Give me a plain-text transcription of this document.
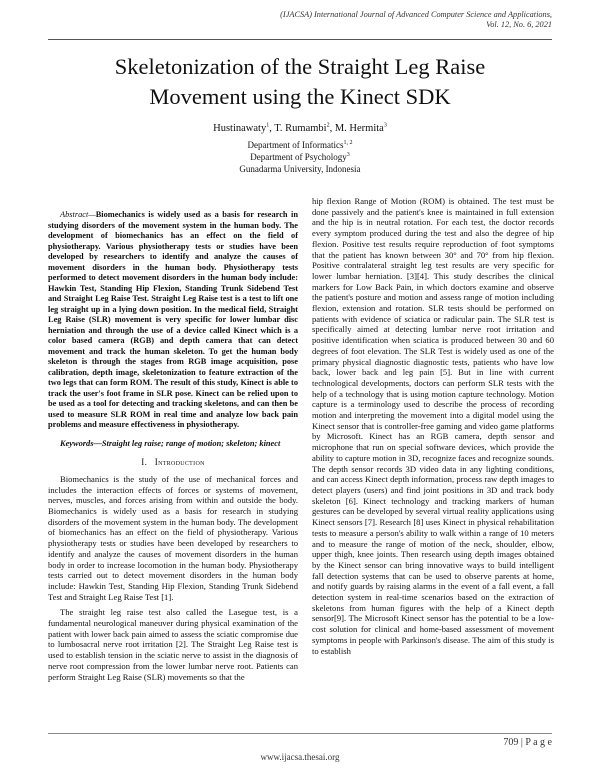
(IJACSA) International Journal of Advanced Computer Science and Applications,
Vol. 12, No. 6, 2021
Skeletonization of the Straight Leg Raise
Movement using the Kinect SDK
Hustinawaty$^1$, T. Rumambi$^2$, M. Hermita$^3$
Department of Informatics$^{1, 2}$
Department of Psychology$^3$
Gunadarma University, Indonesia

Abstract—Biomechanics is widely used as a basis for research in studying disorders of the movement system in the human body. The development of biomechanics has an effect on the field of physiotherapy. Various physiotherapy tests or studies have been developed by researchers to identify and analyze the causes of movement disorders in the human body. Physiotherapy tests performed to detect movement disorders in the human body include: Hawkin Test, Standing Hip Flexion, Standing Trunk Sidebend Test and Straight Leg Raise Test. Straight Leg Raise test is a test to lift one leg straight up in a lying down position. In the medical field, Straight Leg Raise (SLR) movement is very specific for lower lumbar disc herniation and through the use of a device called Kinect which is a color based camera (RGB) and depth camera that can detect movement and track the human skeleton. To get the human body skeleton is through the stages from RGB image acquisition, pose calibration, depth image, skeletonization to feature extraction of the two legs that can form ROM. The result of this study, Kinect is able to track the user's foot frame in SLR pose. Kinect can be relied upon to be used as a tool for detecting and tracking skeletons, and can then be used to measure SLR ROM in real time and analyze low back pain problems and measure effectiveness in physiotherapy.

Keywords—Straight leg raise; range of motion; skeleton; kinect

I. Introduction

Biomechanics is the study of the use of mechanical forces and includes the interaction effects of forces or systems of movement, nerves, muscles, and forces arising from within and outside the body. Biomechanics is widely used as a basis for research in studying disorders of the movement system in the human body. The development of biomechanics has an effect on the field of physiotherapy. Various physiotherapy tests or studies have been developed by researchers to identify and analyze the causes of movement disorders in the human body in order to increase locomotion in the human body. Physiotherapy tests carried out to detect movement disorders in the human body include: Hawkin Test, Standing Hip Flexion, Standing Trunk Sidebend Test and Straight Leg Raise Test [1].

The straight leg raise test also called the Lasegue test, is a fundamental neurological maneuver during physical examination of the patient with lower back pain aimed to assess the sciatic compromise due to lumbosacral nerve root irritation [2]. The Straight Leg Raise test is used to establish tension in the sciatic nerve to assist in the diagnosis of nerve root compression from the lower lumbar nerve root. Patients can perform Straight Leg Raise (SLR) movements so that the

hip flexion Range of Motion (ROM) is obtained. The test must be done passively and the patient's knee is maintained in full extension and the hip is in neutral rotation. For each test, the doctor records every symptom produced during the test and also the degree of hip flexion. Positive test results require reproduction of foot symptoms that the patient has known between 30° and 70° from hip flexion. Positive contralateral straight leg test results are very specific for lower lumbar herniation. [3][4]. This study describes the clinical markers for Low Back Pain, in which doctors examine and observe the patient's posture and motion and assess range of motion including flexion, extension and rotation. SLR tests should be performed on patients with evidence of sciatica or radicular pain. The SLR test is specifically aimed at detecting lumbar nerve root irritation and positive identification when sciatica is produced between 30 and 60 degrees of foot elevation. The SLR Test is widely used as one of the primary physical diagnostic diagnostic tests, patients who have low back, lower back and leg pain [5]. But in line with current technological developments, doctors can perform SLR tests with the help of a technology that is using motion capture technology. Motion capture is a terminology used to describe the process of recording motion and interpreting the movement into a digital model using the Kinect sensor that is controller-free gaming and video game platforms by Microsoft. Kinect has an RGB camera, depth sensor and microphone that run on special software devices, which provide the ability to capture motion in 3D, recognize faces and recognize sounds. The depth sensor records 3D video data in any lighting conditions, and can access Kinect depth information, process raw depth images to detect players (users) and find joint positions in 3D and track body skeleton [6]. Kinect technology and tracking markers of human gestures can be developed by several virtual reality applications using Kinect sensors [7]. Research [8] uses Kinect in physical rehabilitation tests to measure a person's ability to walk within a range of 10 meters and to measure the range of motion of the neck, shoulder, elbow, upper thigh, knee joints. Then research using depth images obtained by the Kinect sensor can bring innovative ways to build intelligent fall detection systems that can be used to observe parents at home, and notify guards by raising alarms in the event of a fall event, a fall detection system in real-time scenarios based on the extraction of skeletons from human figures with the help of a Kinect depth sensor[9]. The Microsoft Kinect sensor has the potential to be a low-cost solution for clinical and home-based assessment of movement symptoms in people with Parkinson's disease. The aim of this study is to establish

709 | P a g e
www.ijacsa.thesai.org
